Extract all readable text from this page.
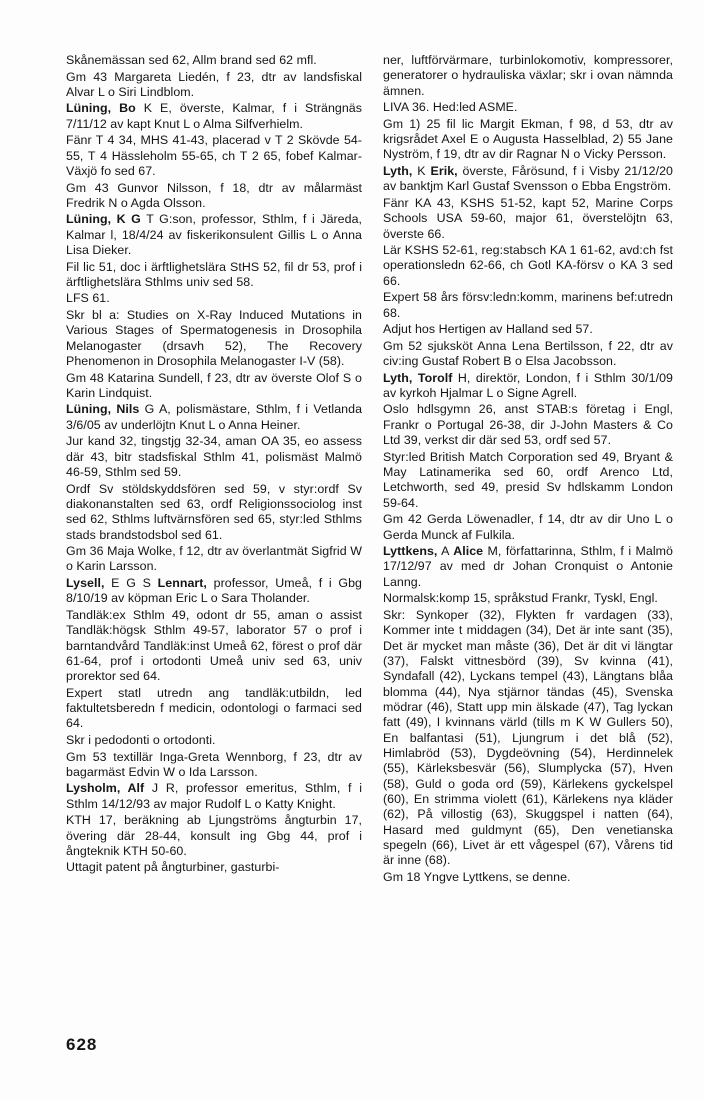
Skånemässan sed 62, Allm brand sed 62 mfl.

Gm 43 Margareta Liedén, f 23, dtr av landsfiskal Alvar L o Siri Lindblom.

Lüning, Bo K E, överste, Kalmar, f i Strängnäs 7/11/12 av kapt Knut L o Alma Silfverhielm.

Fänr T 4 34, MHS 41-43, placerad v T 2 Skövde 54-55, T 4 Hässleholm 55-65, ch T 2 65, fobef Kalmar-Växjö fo sed 67.

Gm 43 Gunvor Nilsson, f 18, dtr av målarmäst Fredrik N o Agda Olsson.

Lüning, K G T G:son, professor, Sthlm, f i Järeda, Kalmar l, 18/4/24 av fiskerikonsulent Gillis L o Anna Lisa Dieker.

Fil lic 51, doc i ärftlighetslära StHS 52, fil dr 53, prof i ärftlighetslära Sthlms univ sed 58.

LFS 61.

Skr bl a: Studies on X-Ray Induced Mutations in Various Stages of Spermatogenesis in Drosophila Melanogaster (drsavh 52), The Recovery Phenomenon in Drosophila Melanogaster I-V (58).

Gm 48 Katarina Sundell, f 23, dtr av överste Olof S o Karin Lindquist.

Lüning, Nils G A, polismästare, Sthlm, f i Vetlanda 3/6/05 av underlöjtn Knut L o Anna Heiner.

Jur kand 32, tingstjg 32-34, aman OA 35, eo assess där 43, bitr stadsfiskal Sthlm 41, polismäst Malmö 46-59, Sthlm sed 59.

Ordf Sv stöldskyddsfören sed 59, v styr:ordf Sv diakonanstalten sed 63, ordf Religionssociolog inst sed 62, Sthlms luftvärnsfören sed 65, styr:led Sthlms stads brandstodsbol sed 61.

Gm 36 Maja Wolke, f 12, dtr av överlantmät Sigfrid W o Karin Larsson.

Lysell, E G S Lennart, professor, Umeå, f i Gbg 8/10/19 av köpman Eric L o Sara Tholander.

Tandläk:ex Sthlm 49, odont dr 55, aman o assist Tandläk:högsk Sthlm 49-57, laborator 57 o prof i barntandvård Tandläk:inst Umeå 62, förest o prof där 61-64, prof i ortodonti Umeå univ sed 63, univ prorektor sed 64.

Expert statl utredn ang tandläk:utbildn, led faktultetsberedn f medicin, odontologi o farmaci sed 64.

Skr i pedodonti o ortodonti.

Gm 53 textillär Inga-Greta Wennborg, f 23, dtr av bagarmäst Edvin W o Ida Larsson.

Lysholm, Alf J R, professor emeritus, Sthlm, f i Sthlm 14/12/93 av major Rudolf L o Katty Knight.

KTH 17, beräkning ab Ljungströms ångturbin 17, övering där 28-44, konsult ing Gbg 44, prof i ångteknik KTH 50-60.

Uttagit patent på ångturbiner, gasturbi-

ner, luftförvärmare, turbinlokomotiv, kompressorer, generatorer o hydrauliska växlar; skr i ovan nämnda ämnen.

LIVA 36. Hed:led ASME.

Gm 1) 25 fil lic Margit Ekman, f 98, d 53, dtr av krigsrådet Axel E o Augusta Hasselblad, 2) 55 Jane Nyström, f 19, dtr av dir Ragnar N o Vicky Persson.

Lyth, K Erik, överste, Fårösund, f i Visby 21/12/20 av banktjm Karl Gustaf Svensson o Ebba Engström.

Fänr KA 43, KSHS 51-52, kapt 52, Marine Corps Schools USA 59-60, major 61, överstelöjtn 63, överste 66.

Lär KSHS 52-61, reg:stabsch KA 1 61-62, avd:ch fst operationsledn 62-66, ch Gotl KA-försv o KA 3 sed 66.

Expert 58 års försv:ledn:komm, marinens bef:utredn 68.

Adjut hos Hertigen av Halland sed 57.

Gm 52 sjuksköt Anna Lena Bertilsson, f 22, dtr av civ:ing Gustaf Robert B o Elsa Jacobsson.

Lyth, Torolf H, direktör, London, f i Sthlm 30/1/09 av kyrkoh Hjalmar L o Signe Agrell.

Oslo hdlsgymn 26, anst STAB:s företag i Engl, Frankr o Portugal 26-38, dir J-John Masters & Co Ltd 39, verkst dir där sed 53, ordf sed 57.

Styr:led British Match Corporation sed 49, Bryant & May Latinamerika sed 60, ordf Arenco Ltd, Letchworth, sed 49, presid Sv hdlskamm London 59-64.

Gm 42 Gerda Löwenadler, f 14, dtr av dir Uno L o Gerda Munck af Fulkila.

Lyttkens, A Alice M, författarinna, Sthlm, f i Malmö 17/12/97 av med dr Johan Cronquist o Antonie Lanng.

Normalsk:komp 15, språkstud Frankr, Tyskl, Engl.

Skr: Synkoper (32), Flykten fr vardagen (33), Kommer inte t middagen (34), Det är inte sant (35), Det är mycket man måste (36), Det är dit vi längtar (37), Falskt vittnesbörd (39), Sv kvinna (41), Syndafall (42), Lyckans tempel (43), Längtans blåa blomma (44), Nya stjärnor tändas (45), Svenska mödrar (46), Statt upp min älskade (47), Tag lyckan fatt (49), I kvinnans värld (tills m K W Gullers 50), En balfantasi (51), Ljungrum i det blå (52), Himlabröd (53), Dygdeövning (54), Herdinnelek (55), Kärleksbesvär (56), Slumplycka (57), Hven (58), Guld o goda ord (59), Kärlekens gyckelspel (60), En strimma violett (61), Kärlekens nya kläder (62), På villostig (63), Skuggspel i natten (64), Hasard med guldmynt (65), Den venetianska spegeln (66), Livet är ett vågespel (67), Vårens tid är inne (68).

Gm 18 Yngve Lyttkens, se denne.

628
